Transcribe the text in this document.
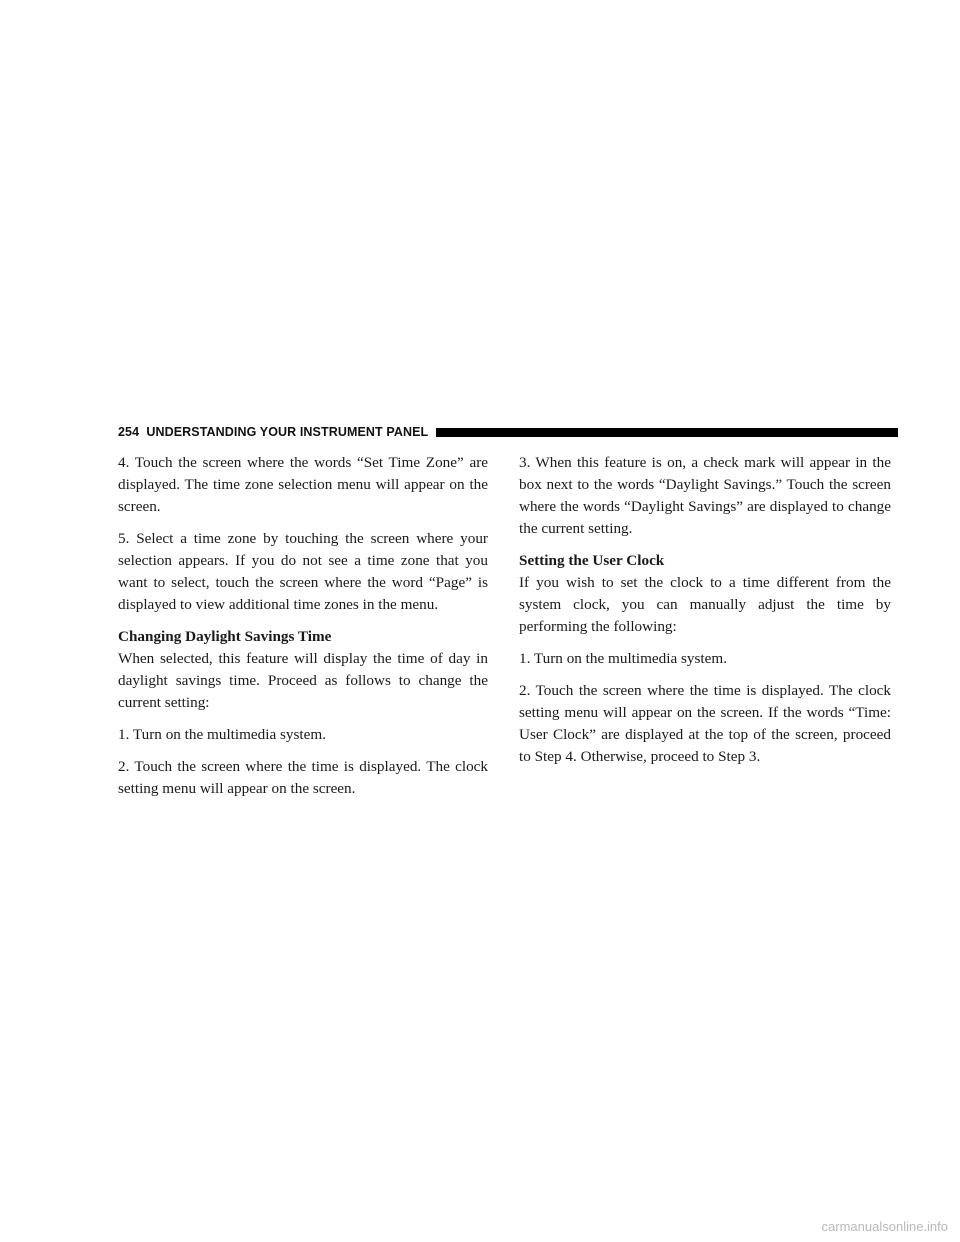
254 UNDERSTANDING YOUR INSTRUMENT PANEL

4. Touch the screen where the words “Set Time Zone” are displayed. The time zone selection menu will appear on the screen.

5. Select a time zone by touching the screen where your selection appears. If you do not see a time zone that you want to select, touch the screen where the word “Page” is displayed to view additional time zones in the menu.

Changing Daylight Savings Time

When selected, this feature will display the time of day in daylight savings time. Proceed as follows to change the current setting:

1. Turn on the multimedia system.

2. Touch the screen where the time is displayed. The clock setting menu will appear on the screen.

3. When this feature is on, a check mark will appear in the box next to the words “Daylight Savings.” Touch the screen where the words “Daylight Savings” are displayed to change the current setting.

Setting the User Clock

If you wish to set the clock to a time different from the system clock, you can manually adjust the time by performing the following:

1. Turn on the multimedia system.

2. Touch the screen where the time is displayed. The clock setting menu will appear on the screen. If the words “Time: User Clock” are displayed at the top of the screen, proceed to Step 4. Otherwise, proceed to Step 3.

carmanualsonline.info
